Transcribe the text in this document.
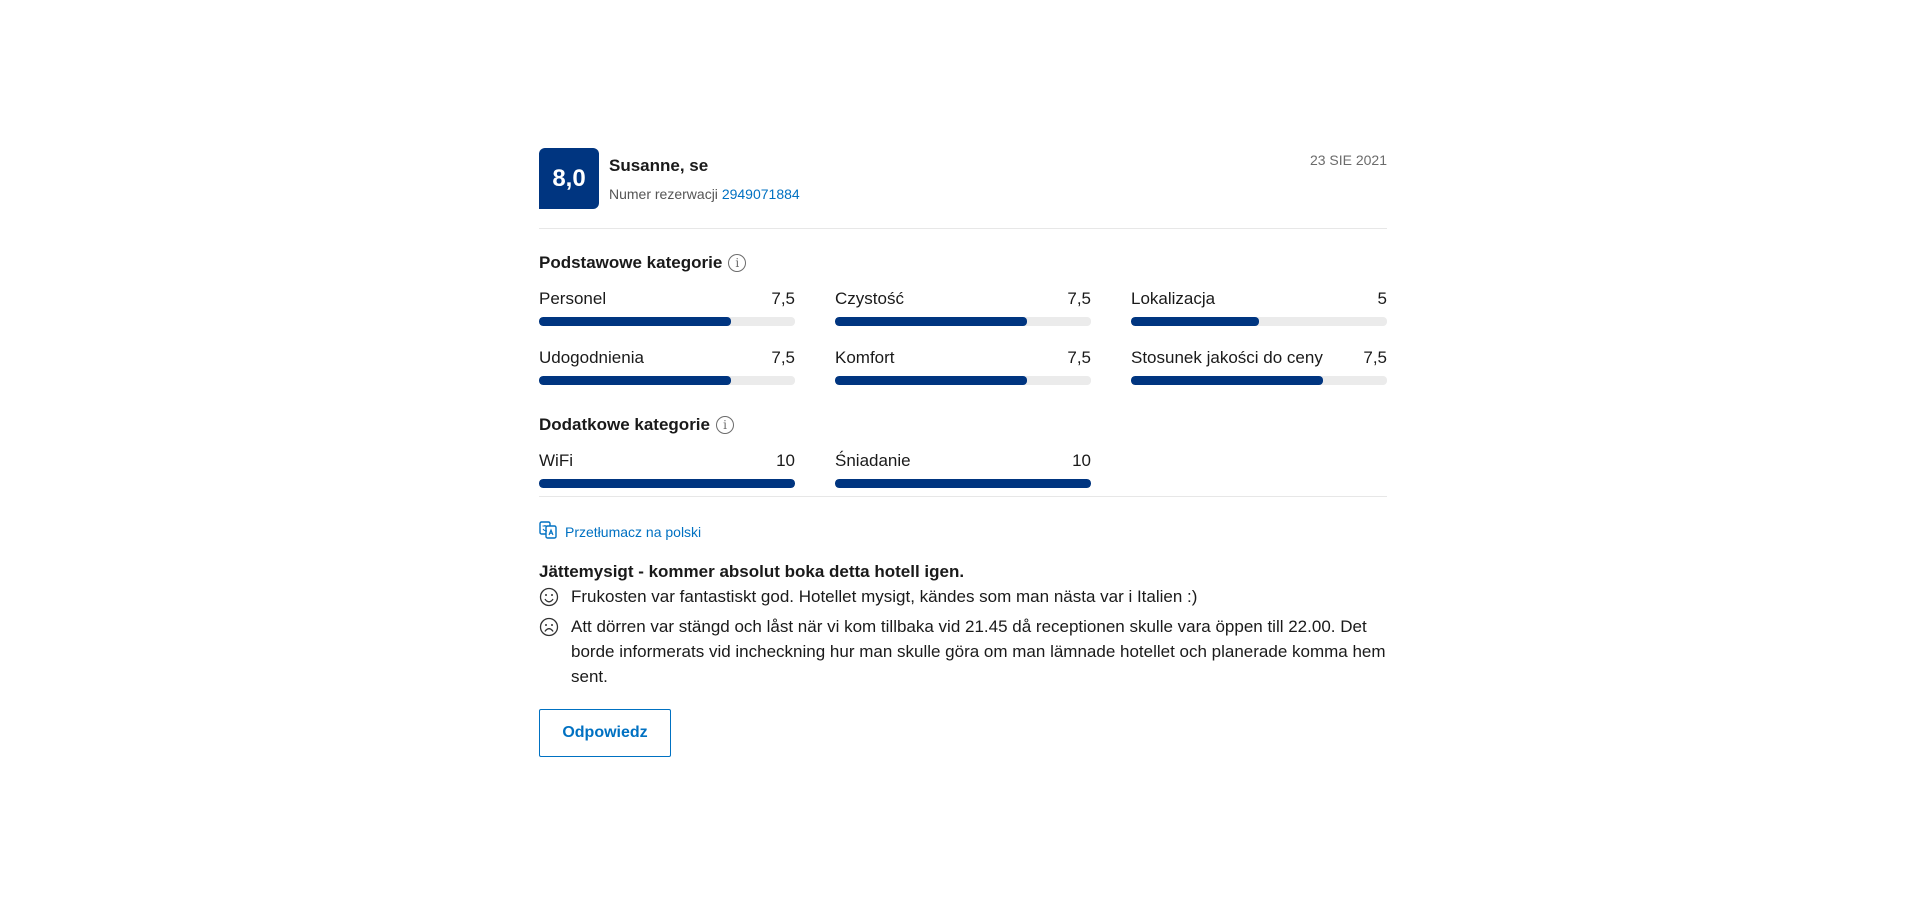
8,0	Susanne, se
Numer rezerwacji 2949071884
23 SIE 2021
Podstawowe kategorie	i
Personel	7,5 Czystość	7,5 Lokalizacja	5
Udogodnienia	7,5 Komfort	7,5 Stosunek jakości do ceny 7,5
Dodatkowe kategorie	i
WiFi	10 Śniadanie	10
Przetłumacz na polski
Jättemysigt - kommer absolut boka detta hotell igen.
Frukosten var fantastiskt god. Hotellet mysigt, kändes som man nästa var i Italien :)
Att dörren var stängd och låst när vi kom tillbaka vid 21.45 då receptionen skulle vara öppen till 22.00. Det borde informerats vid incheckning hur man skulle göra om man lämnade hotellet och planerade komma hem sent.
Odpowiedz
